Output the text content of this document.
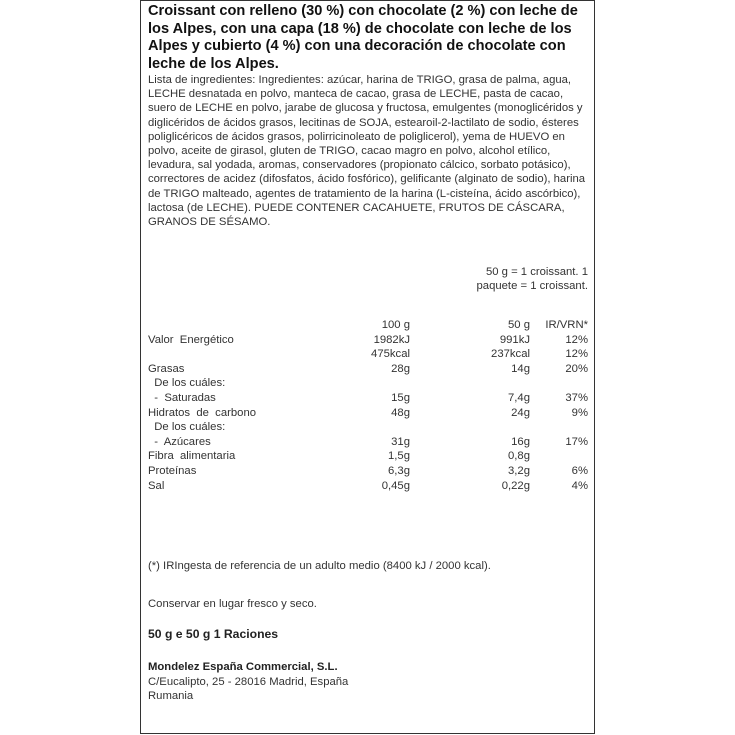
Croissant con relleno (30 %) con chocolate (2 %) con leche de los Alpes, con una capa (18 %) de chocolate con leche de los Alpes y cubierto (4 %) con una decoración de chocolate con leche de los Alpes.
Lista de ingredientes: Ingredientes: azúcar, harina de TRIGO, grasa de palma, agua, LECHE desnatada en polvo, manteca de cacao, grasa de LECHE, pasta de cacao, suero de LECHE en polvo, jarabe de glucosa y fructosa, emulgentes (monoglicéridos y diglicéridos de ácidos grasos, lecitinas de SOJA, estearoil-2-lactilato de sodio, ésteres poliglicéricos de ácidos grasos, polirricinoleato de poliglicerol), yema de HUEVO en polvo, aceite de girasol, gluten de TRIGO, cacao magro en polvo, alcohol etílico, levadura, sal yodada, aromas, conservadores (propionato cálcico, sorbato potásico), correctores de acidez (difosfatos, ácido fosfórico), gelificante (alginato de sodio), harina de TRIGO malteado, agentes de tratamiento de la harina (L-cisteína, ácido ascórbico), lactosa (de LECHE). PUEDE CONTENER CACAHUETE, FRUTOS DE CÁSCARA, GRANOS DE SÉSAMO.
50 g = 1 croissant. 1
paquete = 1 croissant.
	100 g	50 g	IR/VRN*
Valor  Energético	1982kJ	991kJ	12%
	475kcal	237kcal	12%
Grasas	28g	14g	20%
De los cuáles:			
-  Saturadas	15g	7,4g	37%
Hidratos  de  carbono	48g	24g	9%
De los cuáles:			
-  Azúcares	31g	16g	17%
Fibra  alimentaria	1,5g	0,8g	
Proteínas	6,3g	3,2g	6%
Sal	0,45g	0,22g	4%
(*) IRIngesta de referencia de un adulto medio (8400 kJ / 2000 kcal).
Conservar en lugar fresco y seco.
50 g e 50 g 1 Raciones
Mondelez España Commercial, S.L.
C/Eucalipto, 25 - 28016 Madrid, España
Rumania
